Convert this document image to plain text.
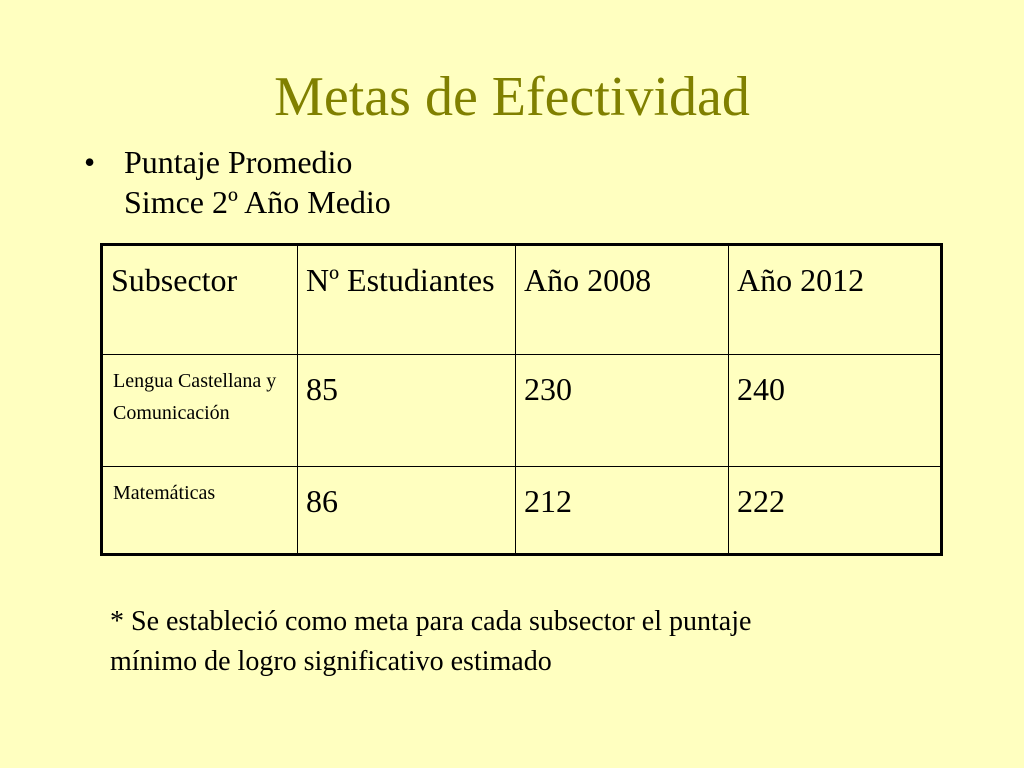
Metas de Efectividad
• Puntaje Promedio
Simce 2º Año Medio
Subsector	Nº Estudiantes	Año 2008	Año 2012
Lengua Castellana y Comunicación	85	230	240
Matemáticas	86	212	222
* Se estableció como meta para cada subsector el puntaje
mínimo de logro significativo estimado
